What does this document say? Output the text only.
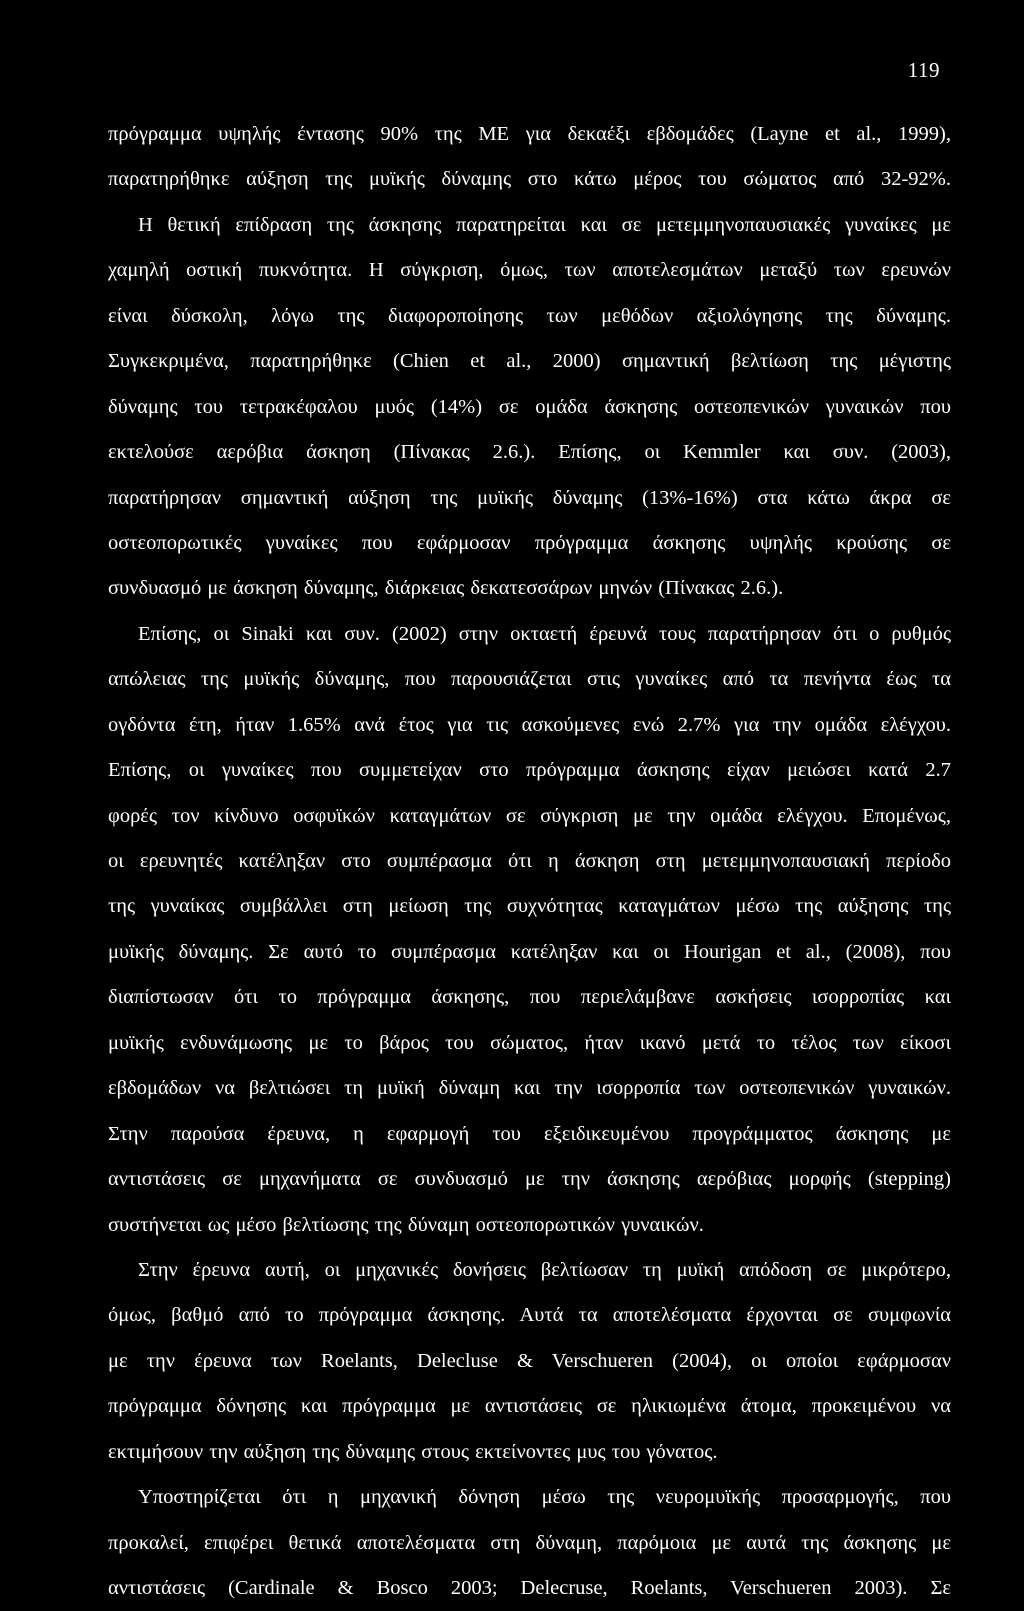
119
πρόγραμμα υψηλής έντασης 90% της ΜΕ για δεκαέξι εβδομάδες (Layne et al., 1999),
παρατηρήθηκε αύξηση της μυϊκής δύναμης στο κάτω μέρος του σώματος από 32-92%.
Η θετική επίδραση της άσκησης παρατηρείται και σε μετεμμηνοπαυσιακές γυναίκες με
χαμηλή οστική πυκνότητα. Η σύγκριση, όμως, των αποτελεσμάτων μεταξύ των ερευνών
είναι δύσκολη, λόγω της διαφοροποίησης των μεθόδων αξιολόγησης της δύναμης.
Συγκεκριμένα, παρατηρήθηκε (Chien et al., 2000) σημαντική βελτίωση της μέγιστης
δύναμης του τετρακέφαλου μυός (14%) σε ομάδα άσκησης οστεοπενικών γυναικών που
εκτελούσε αερόβια άσκηση (Πίνακας 2.6.). Επίσης, οι Kemmler και συν. (2003),
παρατήρησαν σημαντική αύξηση της μυϊκής δύναμης (13%-16%) στα κάτω άκρα σε
οστεοπορωτικές γυναίκες που εφάρμοσαν πρόγραμμα άσκησης υψηλής κρούσης σε
συνδυασμό με άσκηση δύναμης, διάρκειας δεκατεσσάρων μηνών (Πίνακας 2.6.).
Επίσης, οι Sinaki και συν. (2002) στην οκταετή έρευνά τους παρατήρησαν ότι ο ρυθμός
απώλειας της μυϊκής δύναμης, που παρουσιάζεται στις γυναίκες από τα πενήντα έως τα
ογδόντα έτη, ήταν 1.65% ανά έτος για τις ασκούμενες ενώ 2.7% για την ομάδα ελέγχου.
Επίσης, οι γυναίκες που συμμετείχαν στο πρόγραμμα άσκησης είχαν μειώσει κατά 2.7
φορές τον κίνδυνο οσφυϊκών καταγμάτων σε σύγκριση με την ομάδα ελέγχου. Επομένως,
οι ερευνητές κατέληξαν στο συμπέρασμα ότι η άσκηση στη μετεμμηνοπαυσιακή περίοδο
της γυναίκας συμβάλλει στη μείωση της συχνότητας καταγμάτων μέσω της αύξησης της
μυϊκής δύναμης. Σε αυτό το συμπέρασμα κατέληξαν και οι Hourigan et al., (2008), που
διαπίστωσαν ότι το πρόγραμμα άσκησης, που περιελάμβανε ασκήσεις ισορροπίας και
μυϊκής ενδυνάμωσης με το βάρος του σώματος, ήταν ικανό μετά το τέλος των είκοσι
εβδομάδων να βελτιώσει τη μυϊκή δύναμη και την ισορροπία των οστεοπενικών γυναικών.
Στην παρούσα έρευνα, η εφαρμογή του εξειδικευμένου προγράμματος άσκησης με
αντιστάσεις σε μηχανήματα σε συνδυασμό με την άσκησης αερόβιας μορφής (stepping)
συστήνεται ως μέσο βελτίωσης της δύναμη οστεοπορωτικών γυναικών.
Στην έρευνα αυτή, οι μηχανικές δονήσεις βελτίωσαν τη μυϊκή απόδοση σε μικρότερο,
όμως, βαθμό από το πρόγραμμα άσκησης. Αυτά τα αποτελέσματα έρχονται σε συμφωνία
με την έρευνα των Roelants, Delecluse & Verschueren (2004), οι οποίοι εφάρμοσαν
πρόγραμμα δόνησης και πρόγραμμα με αντιστάσεις σε ηλικιωμένα άτομα, προκειμένου να
εκτιμήσουν την αύξηση της δύναμης στους εκτείνοντες μυς του γόνατος.
Υποστηρίζεται ότι η μηχανική δόνηση μέσω της νευρομυϊκής προσαρμογής, που
προκαλεί, επιφέρει θετικά αποτελέσματα στη δύναμη, παρόμοια με αυτά της άσκησης με
αντιστάσεις (Cardinale & Bosco 2003; Delecruse, Roelants, Verschueren 2003). Σε
